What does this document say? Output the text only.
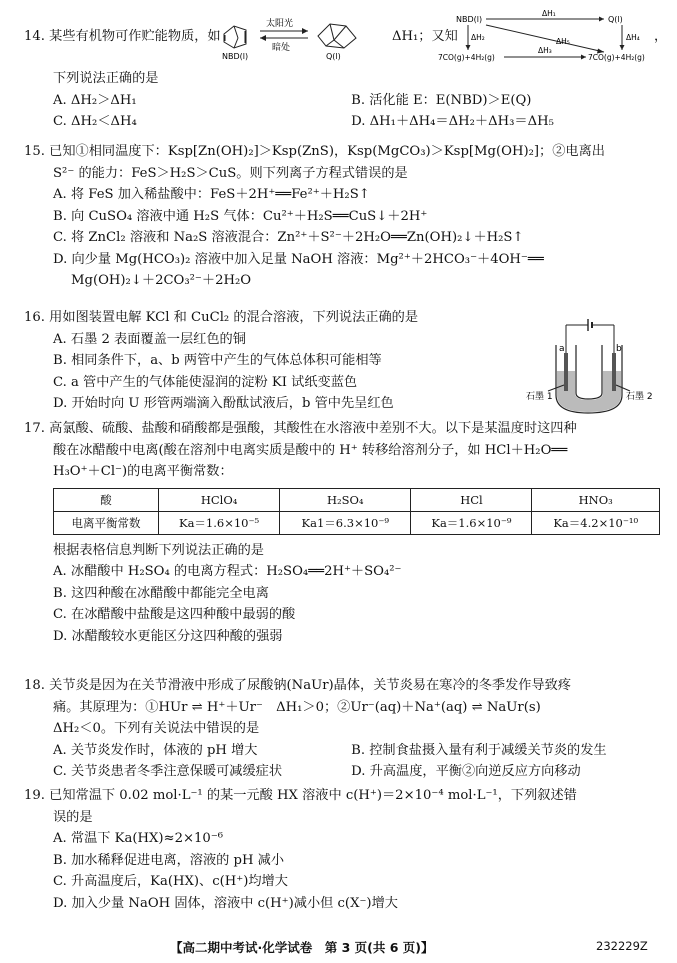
14. 某些有机物可作贮能物质，如
NBD(l)
太阳光
暗处
Q(l)
ΔH₁；又知
NBD(l)	Q(l)
ΔH₁
ΔH₂	ΔH₅	ΔH₄
7CO(g)+4H₂(g)	7CO(g)+4H₂(g)
ΔH₃
，
下列说法正确的是
A. ΔH₂＞ΔH₁	B. 活化能 E：E(NBD)＞E(Q)
C. ΔH₂＜ΔH₄	D. ΔH₁＋ΔH₄＝ΔH₂＋ΔH₃＝ΔH₅
15. 已知①相同温度下：Ksp[Zn(OH)₂]＞Ksp(ZnS)，Ksp(MgCO₃)＞Ksp[Mg(OH)₂]；②电离出
S²⁻ 的能力：FeS＞H₂S＞CuS。则下列离子方程式错误的是
A. 将 FeS 加入稀盐酸中：FeS＋2H⁺══Fe²⁺＋H₂S↑
B. 向 CuSO₄ 溶液中通 H₂S 气体：Cu²⁺＋H₂S══CuS↓＋2H⁺
C. 将 ZnCl₂ 溶液和 Na₂S 溶液混合：Zn²⁺＋S²⁻＋2H₂O══Zn(OH)₂↓＋H₂S↑
D. 向少量 Mg(HCO₃)₂ 溶液中加入足量 NaOH 溶液：Mg²⁺＋2HCO₃⁻＋4OH⁻══
Mg(OH)₂↓＋2CO₃²⁻＋2H₂O
16. 用如图装置电解 KCl 和 CuCl₂ 的混合溶液，下列说法正确的是
A. 石墨 2 表面覆盖一层红色的铜
B. 相同条件下，a、b 两管中产生的气体总体积可能相等
C. a 管中产生的气体能使湿润的淀粉 KI 试纸变蓝色
D. 开始时向 U 形管两端滴入酚酞试液后，b 管中先呈红色
a	b
石墨 1	石墨 2
17. 高氯酸、硫酸、盐酸和硝酸都是强酸，其酸性在水溶液中差别不大。以下是某温度时这四种
酸在冰醋酸中电离(酸在溶剂中电离实质是酸中的 H⁺ 转移给溶剂分子，如 HCl＋H₂O══
H₃O⁺＋Cl⁻)的电离平衡常数：
酸	HClO₄	H₂SO₄	HCl	HNO₃
电离平衡常数	Ka＝1.6×10⁻⁵	Ka1＝6.3×10⁻⁹	Ka＝1.6×10⁻⁹	Ka＝4.2×10⁻¹⁰
根据表格信息判断下列说法正确的是
A. 冰醋酸中 H₂SO₄ 的电离方程式：H₂SO₄══2H⁺＋SO₄²⁻
B. 这四种酸在冰醋酸中都能完全电离
C. 在冰醋酸中盐酸是这四种酸中最弱的酸
D. 冰醋酸较水更能区分这四种酸的强弱
18. 关节炎是因为在关节滑液中形成了尿酸钠(NaUr)晶体，关节炎易在寒冷的冬季发作导致疼
痛。其原理为：①HUr ⇌ H⁺＋Ur⁻　ΔH₁＞0；②Ur⁻(aq)＋Na⁺(aq) ⇌ NaUr(s)
ΔH₂＜0。下列有关说法中错误的是
A. 关节炎发作时，体液的 pH 增大	B. 控制食盐摄入量有利于减缓关节炎的发生
C. 关节炎患者冬季注意保暖可减缓症状	D. 升高温度，平衡②向逆反应方向移动
19. 已知常温下 0.02 mol·L⁻¹ 的某一元酸 HX 溶液中 c(H⁺)＝2×10⁻⁴ mol·L⁻¹，下列叙述错
误的是
A. 常温下 Ka(HX)≈2×10⁻⁶
B. 加水稀释促进电离，溶液的 pH 减小
C. 升高温度后，Ka(HX)、c(H⁺)均增大
D. 加入少量 NaOH 固体，溶液中 c(H⁺)减小但 c(X⁻)增大
【高二期中考试·化学试卷　第 3 页(共 6 页)】	232229Z
